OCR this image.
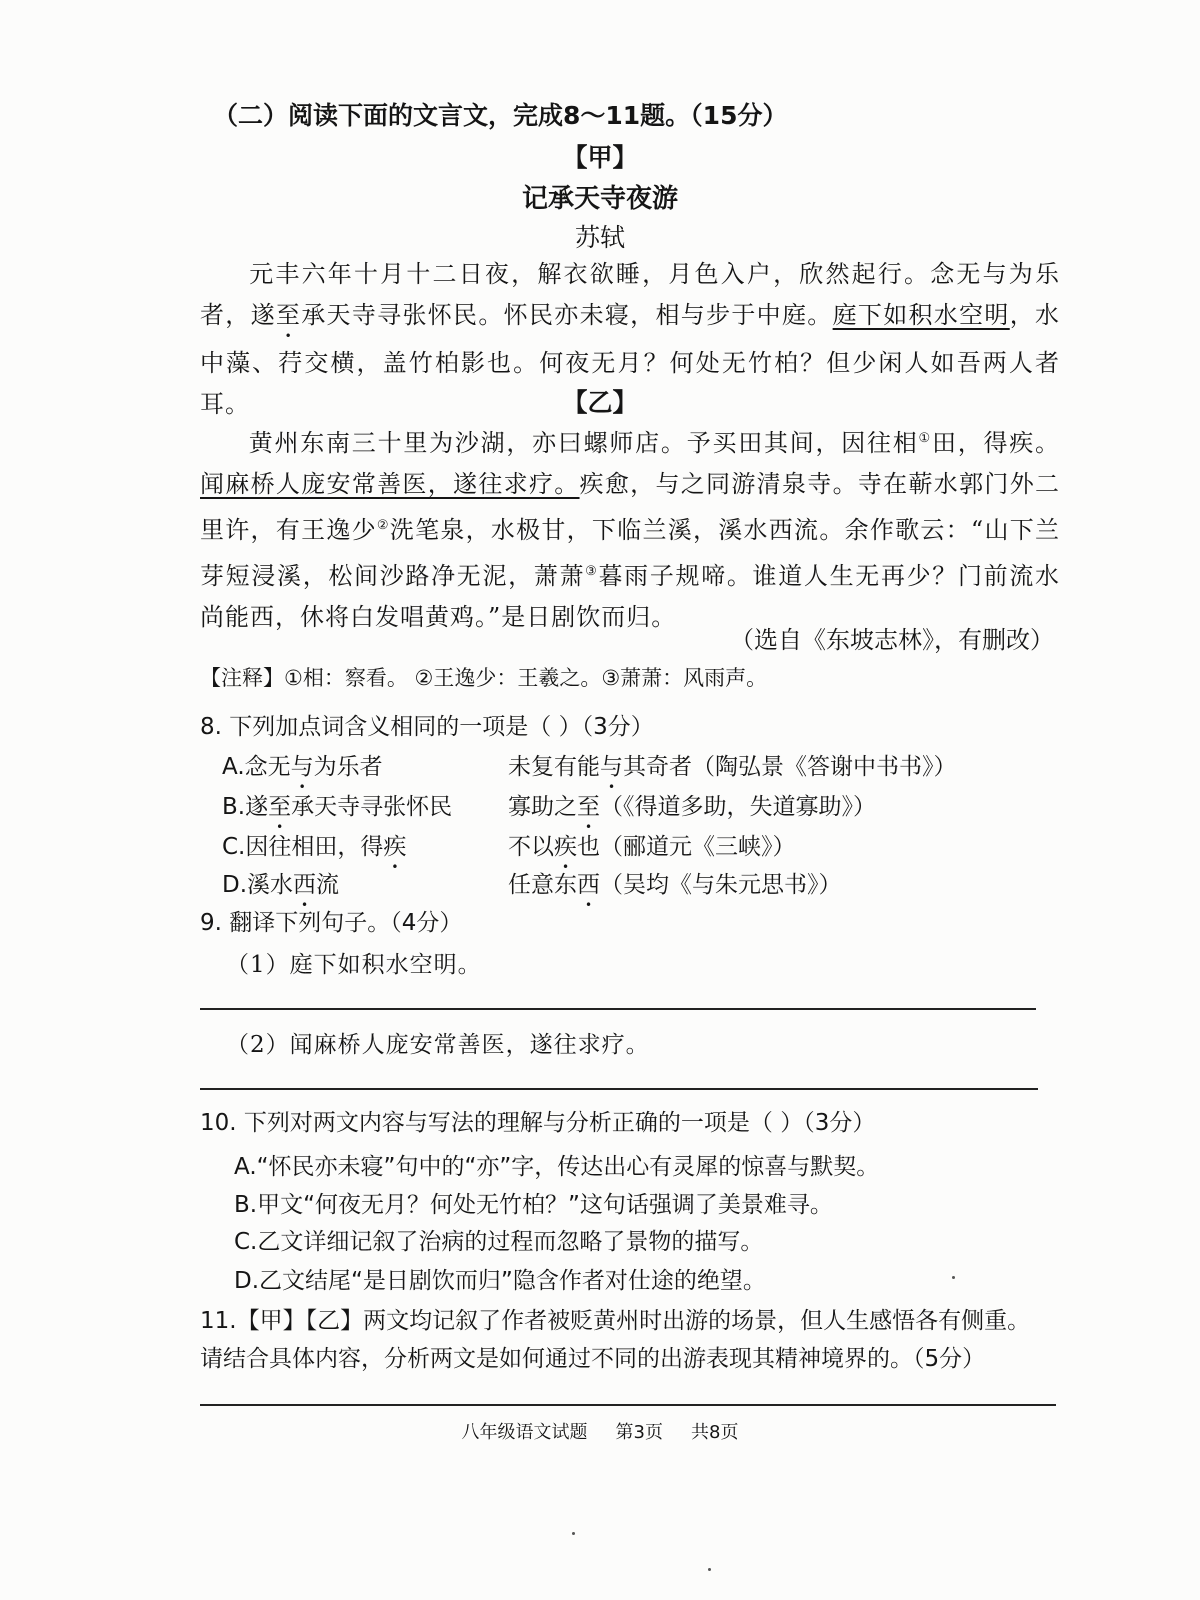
（二）阅读下面的文言文，完成8～11题。（15分）
【甲】
记承天寺夜游
苏轼
元丰六年十月十二日夜，解衣欲睡，月色入户，欣然起行。念无与为乐者，遂至承天寺寻张怀民。怀民亦未寝，相与步于中庭。庭下如积水空明，水中藻、荇交横，盖竹柏影也。何夜无月？何处无竹柏？但少闲人如吾两人者耳。	【乙】
黄州东南三十里为沙湖，亦曰螺师店。予买田其间，因往相①田，得疾。闻麻桥人庞安常善医，遂往求疗。疾愈，与之同游清泉寺。寺在蕲水郭门外二里许，有王逸少②洗笔泉，水极甘，下临兰溪，溪水西流。余作歌云：“山下兰芽短浸溪，松间沙路净无泥，萧萧③暮雨子规啼。谁道人生无再少？门前流水尚能西，休将白发唱黄鸡。”是日剧饮而归。
（选自《东坡志林》，有删改）
【注释】①相：察看。 ②王逸少：王羲之。③萧萧：风雨声。
8. 下列加点词含义相同的一项是（ ）（3分）
A.念无与为乐者	未复有能与其奇者（陶弘景《答谢中书书》）
B.遂至承天寺寻张怀民 寡助之至（《得道多助，失道寡助》）
C.因往相田，得疾	不以疾也（郦道元《三峡》）
D.溪水西流	任意东西（吴均《与朱元思书》）
9. 翻译下列句子。（4分）
（1）庭下如积水空明。
（2）闻麻桥人庞安常善医，遂往求疗。
10. 下列对两文内容与写法的理解与分析正确的一项是（ ）（3分）
A.“怀民亦未寝”句中的“亦”字，传达出心有灵犀的惊喜与默契。
B.甲文“何夜无月？何处无竹柏？”这句话强调了美景难寻。
C.乙文详细记叙了治病的过程而忽略了景物的描写。
D.乙文结尾“是日剧饮而归”隐含作者对仕途的绝望。
11.【甲】【乙】两文均记叙了作者被贬黄州时出游的场景，但人生感悟各有侧重。
请结合具体内容，分析两文是如何通过不同的出游表现其精神境界的。（5分）
八年级语文试题 第3页 共8页
